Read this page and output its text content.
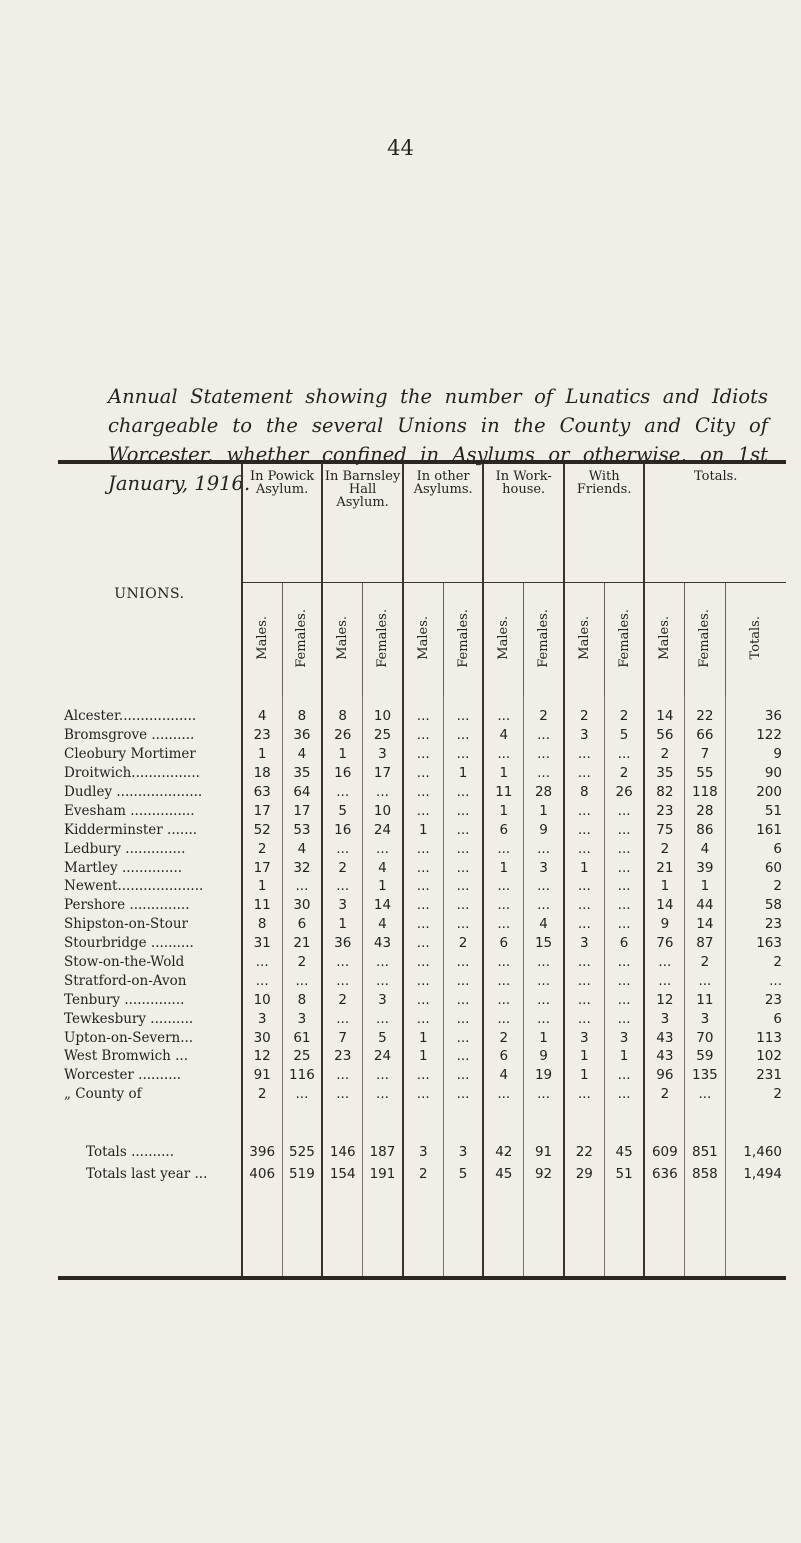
44
Annual Statement showing the number of Lunatics and Idiots chargeable to the several Unions in the County and City of Worcester, whether confined in Asylums or otherwise, on 1st January, 1916.
UNIONS.	In Powick Asylum.		In Barnsley Hall Asylum.		In other Asylums.		In Work-house.		With Friends.		Totals.		
	Males.	Females.	Males.	Females.	Males.	Females.	Males.	Females.	Males.	Females.	Males.	Females.	Totals.
Alcester..................	4	8	8	10	...	...	...	2	2	2	14	22	36
Bromsgrove ..........	23	36	26	25	...	...	4	...	3	5	56	66	122
Cleobury Mortimer	1	4	1	3	...	...	...	...	...	...	2	7	9
Droitwich................	18	35	16	17	...	1	1	...	...	2	35	55	90
Dudley ....................	63	64	...	...	...	...	11	28	8	26	82	118	200
Evesham ...............	17	17	5	10	...	...	1	1	...	...	23	28	51
Kidderminster .......	52	53	16	24	1	...	6	9	...	...	75	86	161
Ledbury ..............	2	4	...	...	...	...	...	...	...	...	2	4	6
Martley ..............	17	32	2	4	...	...	1	3	1	...	21	39	60
Newent....................	1	...	...	1	...	...	...	...	...	...	1	1	2
Pershore ..............	11	30	3	14	...	...	...	...	...	...	14	44	58
Shipston-on-Stour	8	6	1	4	...	...	...	4	...	...	9	14	23
Stourbridge ..........	31	21	36	43	...	2	6	15	3	6	76	87	163
Stow-on-the-Wold	...	2	...	...	...	...	...	...	...	...	...	2	2
Stratford-on-Avon	...	...	...	...	...	...	...	...	...	...	...	...	...
Tenbury ..............	10	8	2	3	...	...	...	...	...	...	12	11	23
Tewkesbury ..........	3	3	...	...	...	...	...	...	...	...	3	3	6
Upton-on-Severn...	30	61	7	5	1	...	2	1	3	3	43	70	113
West Bromwich ...	12	25	23	24	1	...	6	9	1	1	43	59	102
Worcester ..........	91	116	...	...	...	...	4	19	1	...	96	135	231
„ County of	2	...	...	...	...	...	...	...	...	...	2	...	2
Totals ..........	396	525	146	187	3	3	42	91	22	45	609	851	1,460
Totals last year ...	406	519	154	191	2	5	45	92	29	51	636	858	1,494
